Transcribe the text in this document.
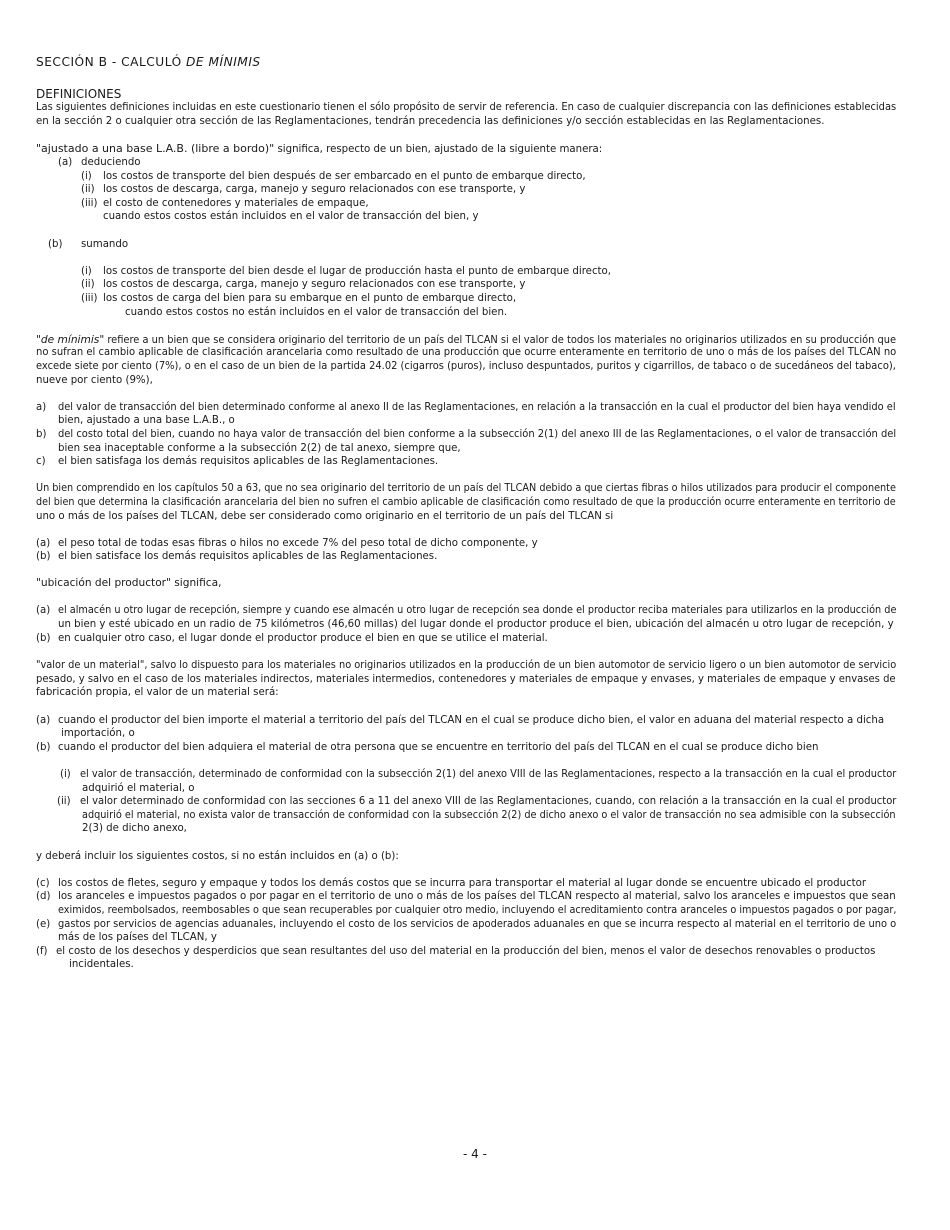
SECCIÓN B - CALCULÓ DE MÍNIMIS
DEFINICIONES
Las siguientes definiciones incluidas en este cuestionario tienen el sólo propósito de servir de referencia. En caso de cualquier discrepancia con las definiciones establecidas
en la sección 2 o cualquier otra sección de las Reglamentaciones, tendrán precedencia las definiciones y/o sección establecidas en las Reglamentaciones.
"ajustado a una base L.A.B. (libre a bordo)" significa, respecto de un bien, ajustado de la siguiente manera:
(a) deduciendo
(i) los costos de transporte del bien después de ser embarcado en el punto de embarque directo,
(ii) los costos de descarga, carga, manejo y seguro relacionados con ese transporte, y
(iii) el costo de contenedores y materiales de empaque,
cuando estos costos están incluidos en el valor de transacción del bien, y
(b) sumando
(i) los costos de transporte del bien desde el lugar de producción hasta el punto de embarque directo,
(ii) los costos de descarga, carga, manejo y seguro relacionados con ese transporte, y
(iii) los costos de carga del bien para su embarque en el punto de embarque directo,
cuando estos costos no están incluidos en el valor de transacción del bien.
"de mínimis" refiere a un bien que se considera originario del territorio de un país del TLCAN si el valor de todos los materiales no originarios utilizados en su producción que
no sufran el cambio aplicable de clasificación arancelaria como resultado de una producción que ocurre enteramente en territorio de uno o más de los países del TLCAN no
excede siete por ciento (7%), o en el caso de un bien de la partida 24.02 (cigarros (puros), incluso despuntados, puritos y cigarrillos, de tabaco o de sucedáneos del tabaco),
nueve por ciento (9%),
a) del valor de transacción del bien determinado conforme al anexo II de las Reglamentaciones, en relación a la transacción en la cual el productor del bien haya vendido el
bien, ajustado a una base L.A.B., o
b) del costo total del bien, cuando no haya valor de transacción del bien conforme a la subsección 2(1) del anexo III de las Reglamentaciones, o el valor de transacción del
bien sea inaceptable conforme a la subsección 2(2) de tal anexo, siempre que,
c) el bien satisfaga los demás requisitos aplicables de las Reglamentaciones.
Un bien comprendido en los capítulos 50 a 63, que no sea originario del territorio de un país del TLCAN debido a que ciertas fibras o hilos utilizados para producir el componente
del bien que determina la clasificación arancelaria del bien no sufren el cambio aplicable de clasificación como resultado de que la producción ocurre enteramente en territorio de
uno o más de los países del TLCAN, debe ser considerado como originario en el territorio de un país del TLCAN si
(a) el peso total de todas esas fibras o hilos no excede 7% del peso total de dicho componente, y
(b) el bien satisface los demás requisitos aplicables de las Reglamentaciones.
"ubicación del productor" significa,
(a) el almacén u otro lugar de recepción, siempre y cuando ese almacén u otro lugar de recepción sea donde el productor reciba materiales para utilizarlos en la producción de
un bien y esté ubicado en un radio de 75 kilómetros (46,60 millas) del lugar donde el productor produce el bien, ubicación del almacén u otro lugar de recepción, y
(b) en cualquier otro caso, el lugar donde el productor produce el bien en que se utilice el material.
"valor de un material", salvo lo dispuesto para los materiales no originarios utilizados en la producción de un bien automotor de servicio ligero o un bien automotor de servicio
pesado, y salvo en el caso de los materiales indirectos, materiales intermedios, contenedores y materiales de empaque y envases, y materiales de empaque y envases de
fabricación propia, el valor de un material será:
(a) cuando el productor del bien importe el material a territorio del país del TLCAN en el cual se produce dicho bien, el valor en aduana del material respecto a dicha
importación, o
(b) cuando el productor del bien adquiera el material de otra persona que se encuentre en territorio del país del TLCAN en el cual se produce dicho bien
(i) el valor de transacción, determinado de conformidad con la subsección 2(1) del anexo VIII de las Reglamentaciones, respecto a la transacción en la cual el productor
adquirió el material, o
(ii) el valor determinado de conformidad con las secciones 6 a 11 del anexo VIII de las Reglamentaciones, cuando, con relación a la transacción en la cual el productor
adquirió el material, no exista valor de transacción de conformidad con la subsección 2(2) de dicho anexo o el valor de transacción no sea admisible con la subsección
2(3) de dicho anexo,
y deberá incluir los siguientes costos, si no están incluidos en (a) o (b):
(c) los costos de fletes, seguro y empaque y todos los demás costos que se incurra para transportar el material al lugar donde se encuentre ubicado el productor
(d) los aranceles e impuestos pagados o por pagar en el territorio de uno o más de los países del TLCAN respecto al material, salvo los aranceles e impuestos que sean
eximidos, reembolsados, reembosables o que sean recuperables por cualquier otro medio, incluyendo el acreditamiento contra aranceles o impuestos pagados o por pagar,
(e) gastos por servicios de agencias aduanales, incluyendo el costo de los servicios de apoderados aduanales en que se incurra respecto al material en el territorio de uno o
más de los países del TLCAN, y
(f) el costo de los desechos y desperdicios que sean resultantes del uso del material en la producción del bien, menos el valor de desechos renovables o productos
incidentales.
- 4 -
